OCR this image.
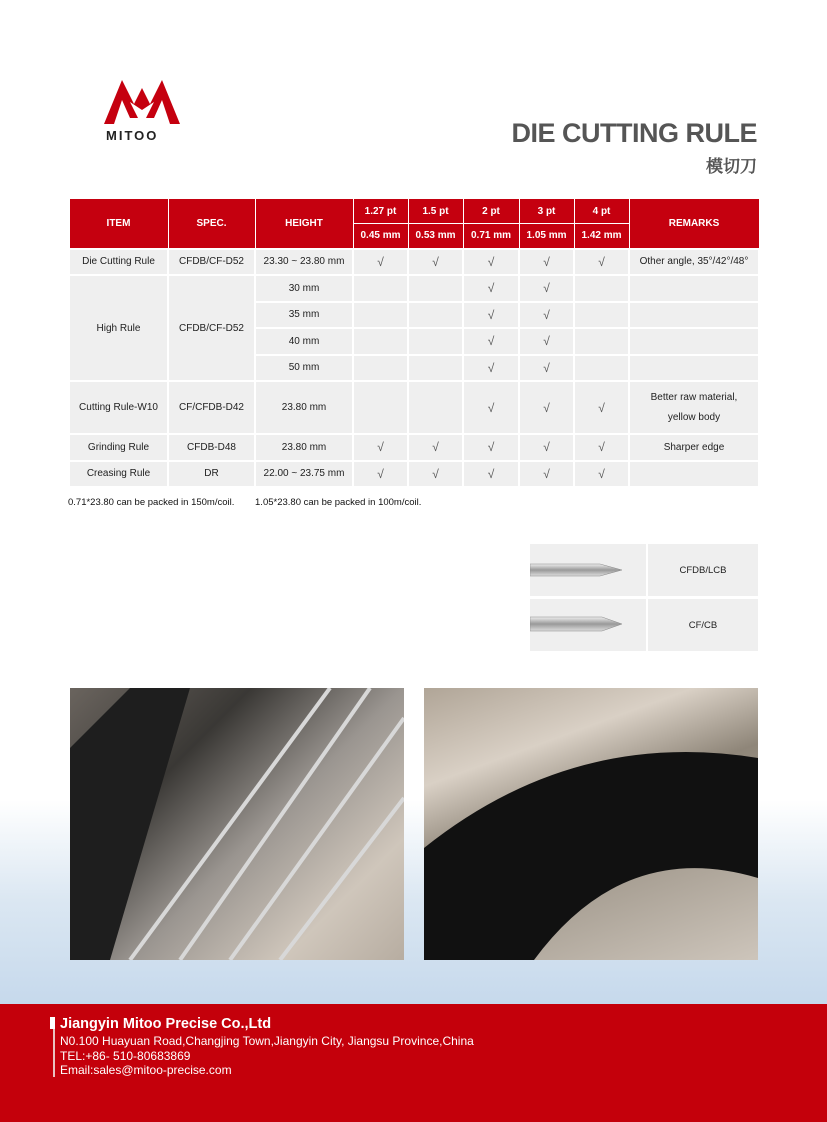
MITOO	DIE CUTTING RULE
模切刀
ITEM	SPEC.	HEIGHT	1.27 pt	1.5 pt	2 pt	3 pt	4 pt	REMARKS
			0.45 mm	0.53 mm	0.71 mm	1.05 mm	1.42 mm	
Die Cutting Rule	CFDB/CF-D52	23.30 ~ 23.80 mm	√	√	√	√	√	Other angle, 35°/42°/48°
High Rule	CFDB/CF-D52	30 mm			√	√		
		35 mm			√	√		
		40 mm			√	√		
		50 mm			√	√		
Cutting Rule-W10	CF/CFDB-D42	23.80 mm			√	√	√	Better raw material,
yellow body

Grinding Rule	CFDB-D48	23.80 mm	√	√	√	√	√	Sharper edge
Creasing Rule	DR	22.00 ~ 23.75 mm	√	√	√	√	√	
0.71*23.80 can be packed in 150m/coil. 1.05*23.80 can be packed in 100m/coil.
CFDB/LCB
CF/CB
Jiangyin Mitoo Precise Co.,Ltd
N0.100 Huayuan Road,Changjing Town,Jiangyin City, Jiangsu Province,China
TEL:+86- 510-80683869
Email:sales@mitoo-precise.com
